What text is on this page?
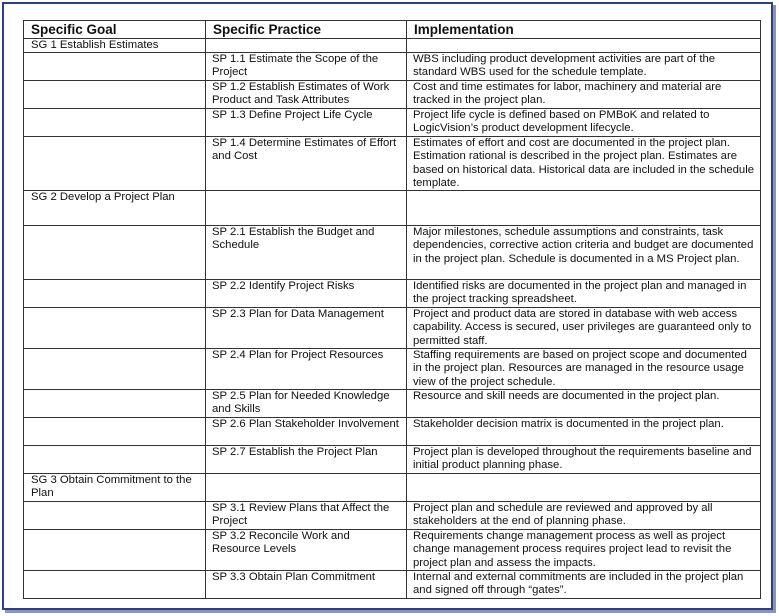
Specific Goal	Specific Practice	Implementation
SG 1 Establish Estimates		
	SP 1.1 Estimate the Scope of the Project	WBS including product development activities are part of the standard WBS used for the schedule template.
	SP 1.2 Establish Estimates of Work Product and Task Attributes	Cost and time estimates for labor, machinery and material are tracked in the project plan.
	SP 1.3 Define Project Life Cycle	Project life cycle is defined based on PMBoK and related to LogicVision’s product development lifecycle.
	SP 1.4 Determine Estimates of Effort and Cost	Estimates of effort and cost are documented in the project plan. Estimation rational is described in the project plan. Estimates are based on historical data. Historical data are included in the schedule template.
SG 2 Develop a Project Plan		
	SP 2.1 Establish the Budget and Schedule	Major milestones, schedule assumptions and constraints, task dependencies, corrective action criteria and budget are documented in the project plan. Schedule is documented in a MS Project plan.
	SP 2.2 Identify Project Risks	Identified risks are documented in the project plan and managed in the project tracking spreadsheet.
	SP 2.3 Plan for Data Management	Project and product data are stored in database with web access capability. Access is secured, user privileges are guaranteed only to permitted staff.
	SP 2.4 Plan for Project Resources	Staffing requirements are based on project scope and documented in the project plan. Resources are managed in the resource usage view of the project schedule.
	SP 2.5 Plan for Needed Knowledge and Skills	Resource and skill needs are documented in the project plan.
	SP 2.6 Plan Stakeholder Involvement	Stakeholder decision matrix is documented in the project plan.
	SP 2.7 Establish the Project Plan	Project plan is developed throughout the requirements baseline and initial product planning phase.
SG 3 Obtain Commitment to the Plan		
	SP 3.1 Review Plans that Affect the Project	Project plan and schedule are reviewed and approved by all stakeholders at the end of planning phase.
	SP 3.2 Reconcile Work and Resource Levels	Requirements change management process as well as project change management process requires project lead to revisit the project plan and assess the impacts.
	SP 3.3 Obtain Plan Commitment	Internal and external commitments are included in the project plan and signed off through “gates”.
